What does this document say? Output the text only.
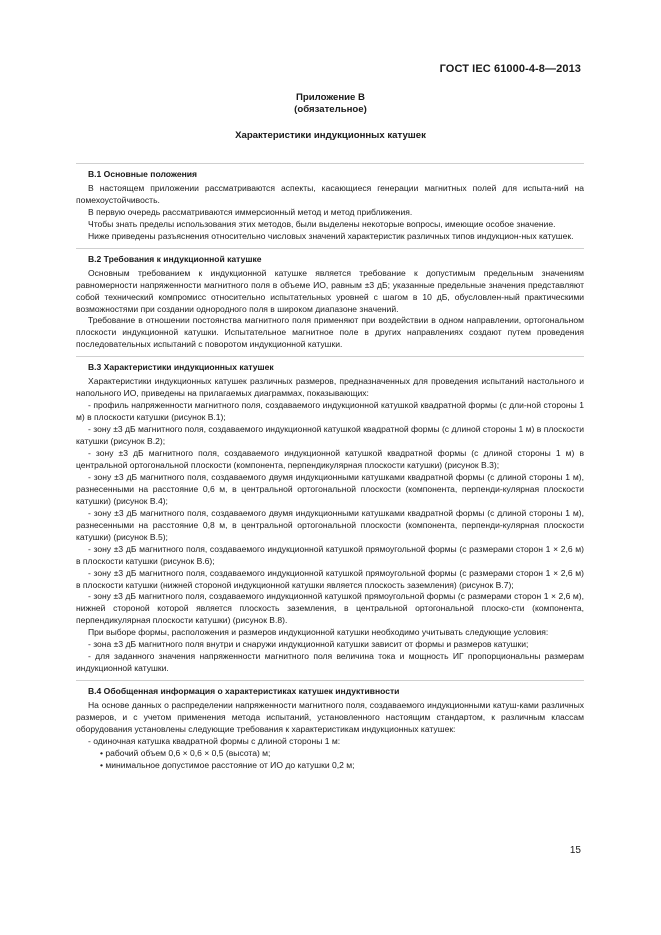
ГОСТ IEC 61000-4-8—2013
Приложение В
(обязательное)
Характеристики индукционных катушек

В.1 Основные положения

В настоящем приложении рассматриваются аспекты, касающиеся генерации магнитных полей для испыта-ний на помехоустойчивость.

В первую очередь рассматриваются иммерсионный метод и метод приближения.

Чтобы знать пределы использования этих методов, были выделены некоторые вопросы, имеющие особое значение.

Ниже приведены разъяснения относительно числовых значений характеристик различных типов индукцион-ных катушек.

В.2 Требования к индукционной катушке

Основным требованием к индукционной катушке является требование к допустимым предельным значениям равномерности напряженности магнитного поля в объеме ИО, равным ±3 дБ; указанные предельные значения представляют собой технический компромисс относительно испытательных уровней с шагом в 10 дБ, обусловлен-ный практическими возможностями при создании однородного поля в широком диапазоне значений.

Требование в отношении постоянства магнитного поля применяют при воздействии в одном направлении, ортогональном плоскости индукционной катушки. Испытательное магнитное поле в других направлениях создают путем проведения последовательных испытаний с поворотом индукционной катушки.

В.3 Характеристики индукционных катушек

Характеристики индукционных катушек различных размеров, предназначенных для проведения испытаний настольного и напольного ИО, приведены на прилагаемых диаграммах, показывающих:

- профиль напряженности магнитного поля, создаваемого индукционной катушкой квадратной формы (с дли-ной стороны 1 м) в плоскости катушки (рисунок В.1);

- зону ±3 дБ магнитного поля, создаваемого индукционной катушкой квадратной формы (с длиной стороны 1 м) в плоскости катушки (рисунок В.2);

- зону ±3 дБ магнитного поля, создаваемого индукционной катушкой квадратной формы (с длиной стороны 1 м) в центральной ортогональной плоскости (компонента, перпендикулярная плоскости катушки) (рисунок В.3);

- зону ±3 дБ магнитного поля, создаваемого двумя индукционными катушками квадратной формы (с длиной стороны 1 м), разнесенными на расстояние 0,6 м, в центральной ортогональной плоскости (компонента, перпенди-кулярная плоскости катушки) (рисунок В.4);

- зону ±3 дБ магнитного поля, создаваемого двумя индукционными катушками квадратной формы (с длиной стороны 1 м), разнесенными на расстояние 0,8 м, в центральной ортогональной плоскости (компонента, перпенди-кулярная плоскости катушки) (рисунок В.5);

- зону ±3 дБ магнитного поля, создаваемого индукционной катушкой прямоугольной формы (с размерами сторон 1 × 2,6 м) в плоскости катушки (рисунок В.6);

- зону ±3 дБ магнитного поля, создаваемого индукционной катушкой прямоугольной формы (с размерами сторон 1 × 2,6 м) в плоскости катушки (нижней стороной индукционной катушки является плоскость заземления) (рисунок В.7);

- зону ±3 дБ магнитного поля, создаваемого индукционной катушкой прямоугольной формы (с размерами сторон 1 × 2,6 м), нижней стороной которой является плоскость заземления, в центральной ортогональной плоско-сти (компонента, перпендикулярная плоскости катушки) (рисунок В.8).

При выборе формы, расположения и размеров индукционной катушки необходимо учитывать следующие условия:

- зона ±3 дБ магнитного поля внутри и снаружи индукционной катушки зависит от формы и размеров катушки;

- для заданного значения напряженности магнитного поля величина тока и мощность ИГ пропорциональны размерам индукционной катушки.

В.4 Обобщенная информация о характеристиках катушек индуктивности

На основе данных о распределении напряженности магнитного поля, создаваемого индукционными катуш-ками различных размеров, и с учетом применения метода испытаний, установленного настоящим стандартом, к различным классам оборудования установлены следующие требования к характеристикам индукционных катушек:

- одиночная катушка квадратной формы с длиной стороны 1 м:

• рабочий объем 0,6 × 0,6 × 0,5 (высота) м;

• минимальное допустимое расстояние от ИО до катушки 0,2 м;

15
